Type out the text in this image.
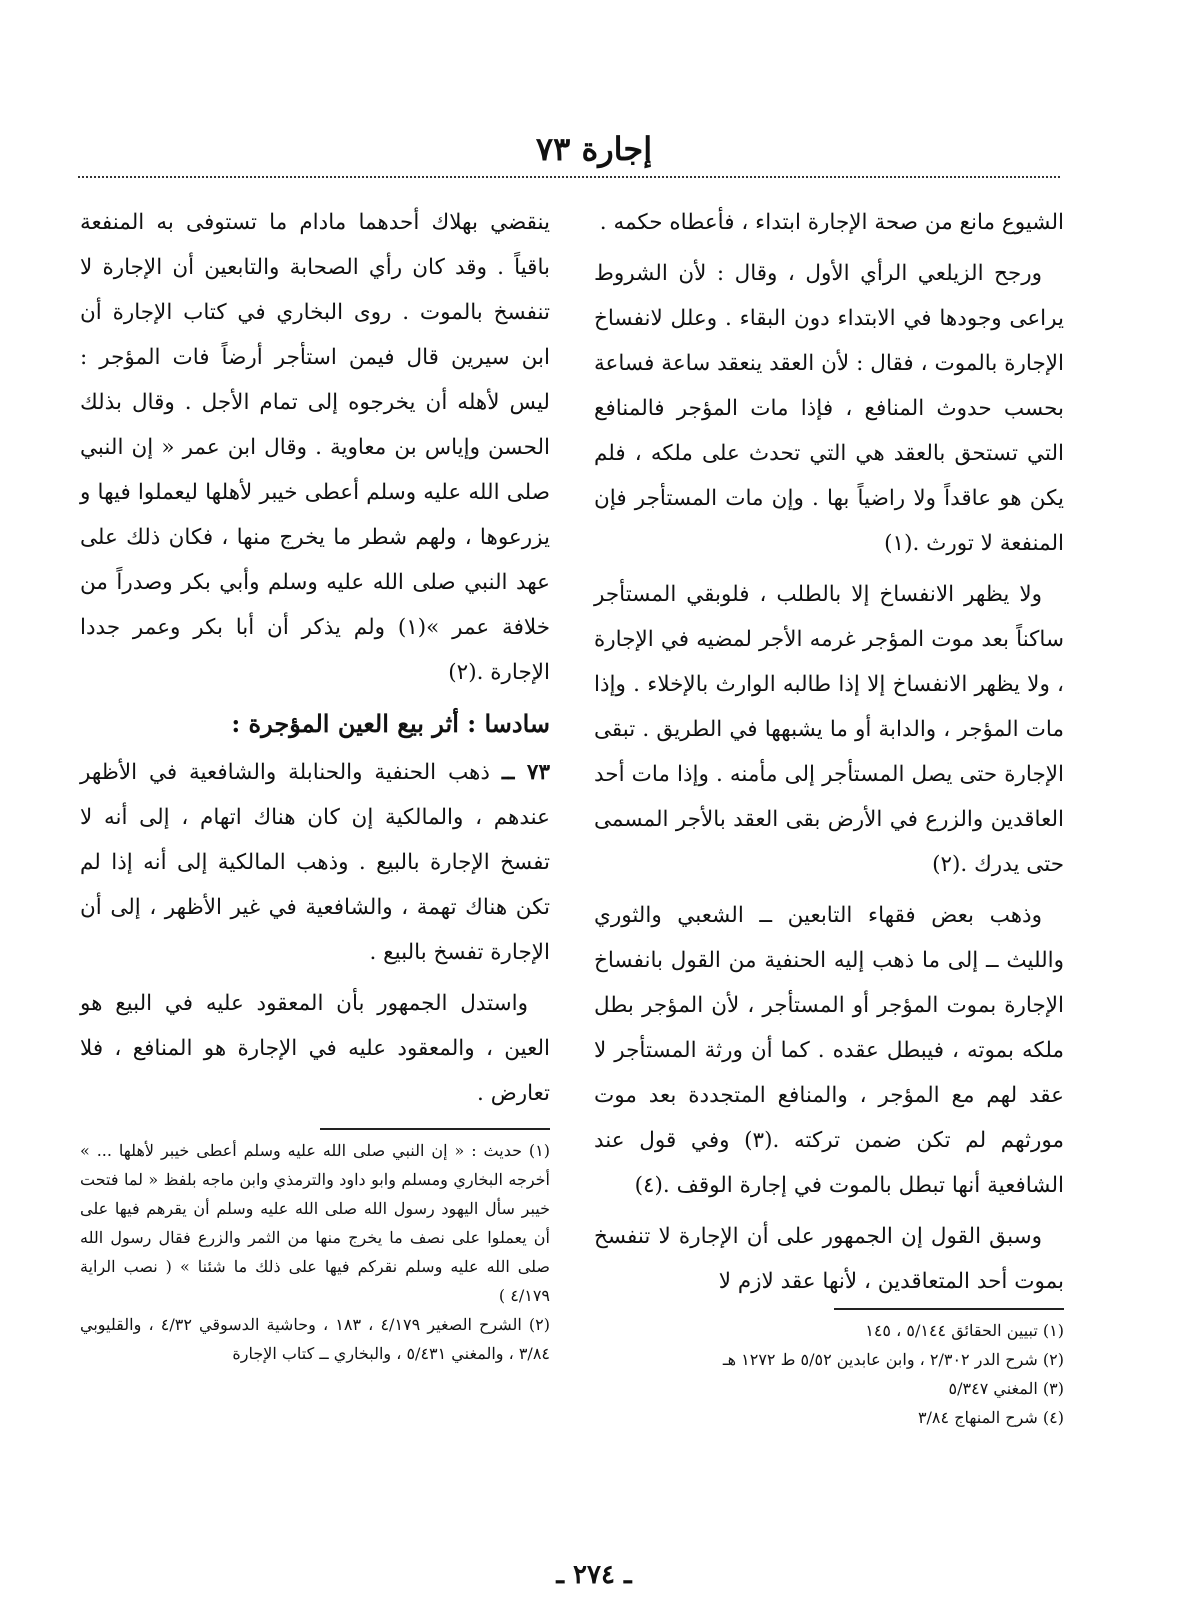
إجارة ٧٣

الشيوع مانع من صحة الإجارة ابتداء ، فأعطاه حكمه .

ورجح الزيلعي الرأي الأول ، وقال : لأن الشروط يراعى وجودها في الابتداء دون البقاء . وعلل لانفساخ الإجارة بالموت ، فقال : لأن العقد ينعقد ساعة فساعة بحسب حدوث المنافع ، فإذا مات المؤجر فالمنافع التي تستحق بالعقد هي التي تحدث على ملكه ، فلم يكن هو عاقداً ولا راضياً بها . وإن مات المستأجر فإن المنفعة لا تورث .(١)

ولا يظهر الانفساخ إلا بالطلب ، فلوبقي المستأجر ساكناً بعد موت المؤجر غرمه الأجر لمضيه في الإجارة ، ولا يظهر الانفساخ إلا إذا طالبه الوارث بالإخلاء . وإذا مات المؤجر ، والدابة أو ما يشبهها في الطريق . تبقى الإجارة حتى يصل المستأجر إلى مأمنه . وإذا مات أحد العاقدين والزرع في الأرض بقى العقد بالأجر المسمى حتى يدرك .(٢)

وذهب بعض فقهاء التابعين ــ الشعبي والثوري والليث ــ إلى ما ذهب إليه الحنفية من القول بانفساخ الإجارة بموت المؤجر أو المستأجر ، لأن المؤجر بطل ملكه بموته ، فيبطل عقده . كما أن ورثة المستأجر لا عقد لهم مع المؤجر ، والمنافع المتجددة بعد موت مورثهم لم تكن ضمن تركته .(٣) وفي قول عند الشافعية أنها تبطل بالموت في إجارة الوقف .(٤)

وسبق القول إن الجمهور على أن الإجارة لا تنفسخ بموت أحد المتعاقدين ، لأنها عقد لازم لا

ينقضي بهلاك أحدهما مادام ما تستوفى به المنفعة باقياً . وقد كان رأي الصحابة والتابعين أن الإجارة لا تنفسخ بالموت . روى البخاري في كتاب الإجارة أن ابن سيرين قال فيمن استأجر أرضاً فات المؤجر : ليس لأهله أن يخرجوه إلى تمام الأجل . وقال بذلك الحسن وإياس بن معاوية . وقال ابن عمر « إن النبي صلى الله عليه وسلم أعطى خيبر لأهلها ليعملوا فيها و يزرعوها ، ولهم شطر ما يخرج منها ، فكان ذلك على عهد النبي صلى الله عليه وسلم وأبي بكر وصدراً من خلافة عمر »(١) ولم يذكر أن أبا بكر وعمر جددا الإجارة .(٢)

سادسا : أثر بيع العين المؤجرة :

٧٣ ــ ذهب الحنفية والحنابلة والشافعية في الأظهر عندهم ، والمالكية إن كان هناك اتهام ، إلى أنه لا تفسخ الإجارة بالبيع . وذهب المالكية إلى أنه إذا لم تكن هناك تهمة ، والشافعية في غير الأظهر ، إلى أن الإجارة تفسخ بالبيع .

واستدل الجمهور بأن المعقود عليه في البيع هو العين ، والمعقود عليه في الإجارة هو المنافع ، فلا تعارض .

(١) حديث : « إن النبي صلى الله عليه وسلم أعطى خيبر لأهلها ... » أخرجه البخاري ومسلم وابو داود والترمذي وابن ماجه بلفظ « لما فتحت خيبر سأل اليهود رسول الله صلى الله عليه وسلم أن يقرهم فيها على أن يعملوا على نصف ما يخرج منها من الثمر والزرع فقال رسول الله صلى الله عليه وسلم نقركم فيها على ذلك ما شئنا » ( نصب الراية ٤/١٧٩ )

(٢) الشرح الصغير ٤/١٧٩ ، ١٨٣ ، وحاشية الدسوقي ٤/٣٢ ، والقليوبي ٣/٨٤ ، والمغني ٥/٤٣١ ، والبخاري ــ كتاب الإجارة

(١) تبيين الحقائق ٥/١٤٤ ، ١٤٥

(٢) شرح الدر ٢/٣٠٢ ، وابن عابدين ٥/٥٢ ط ١٢٧٢ هـ

(٣) المغني ٥/٣٤٧

(٤) شرح المنهاج ٣/٨٤

ـ ٢٧٤ ـ
